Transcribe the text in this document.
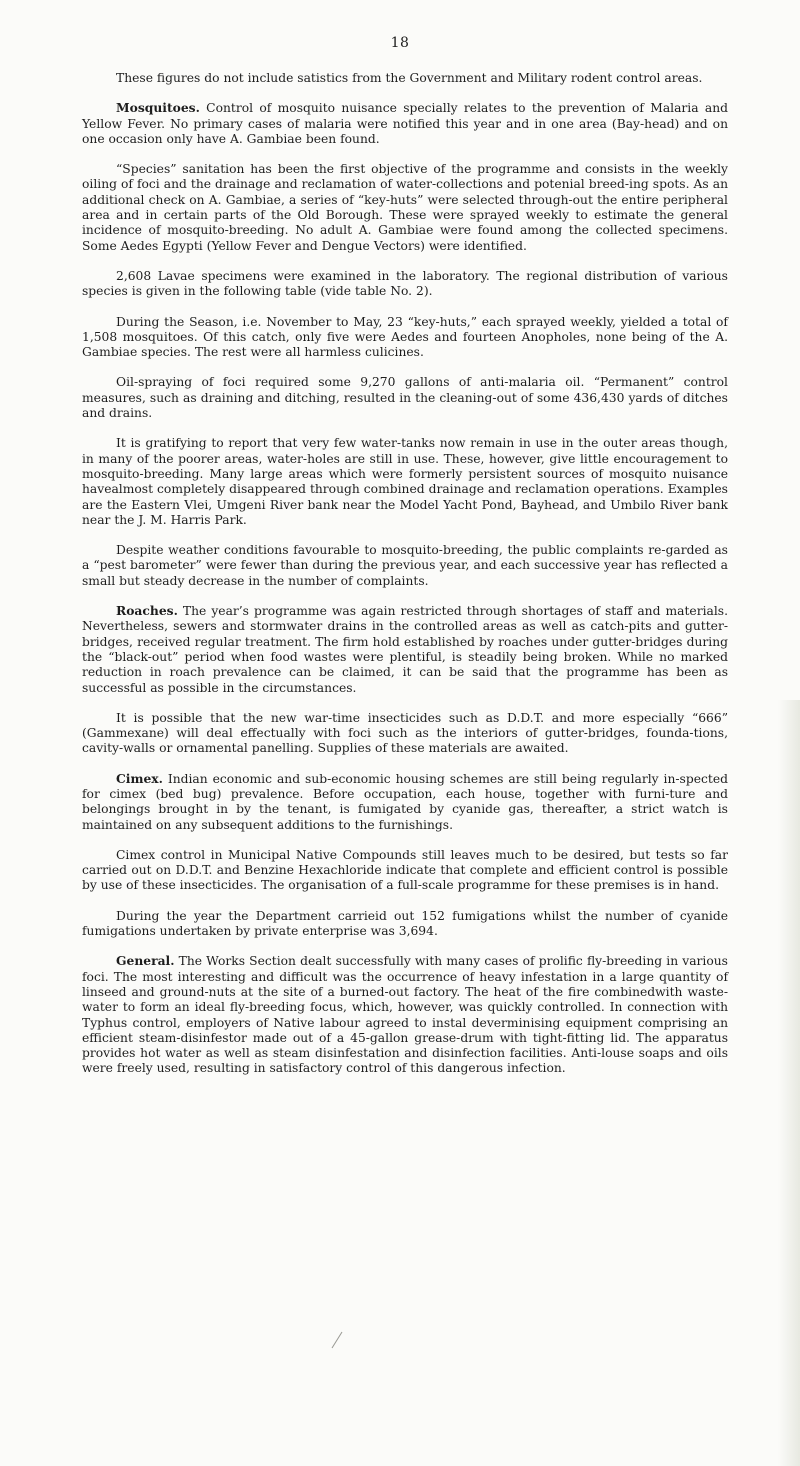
18

These figures do not include satistics from the Government and Military rodent control areas.

Mosquitoes. Control of mosquito nuisance specially relates to the prevention of Malaria and Yellow Fever. No primary cases of malaria were notified this year and in one area (Bay-head) and on one occasion only have A. Gambiae been found.

“Species” sanitation has been the first objective of the programme and consists in the weekly oiling of foci and the drainage and reclamation of water-collections and potenial breed-ing spots. As an additional check on A. Gambiae, a series of “key-huts” were selected through-out the entire peripheral area and in certain parts of the Old Borough. These were sprayed weekly to estimate the general incidence of mosquito-breeding. No adult A. Gambiae were found among the collected specimens. Some Aedes Egypti (Yellow Fever and Dengue Vectors) were identified.

2,608 Lavae specimens were examined in the laboratory. The regional distribution of various species is given in the following table (vide table No. 2).

During the Season, i.e. November to May, 23 “key-huts,” each sprayed weekly, yielded a total of 1,508 mosquitoes. Of this catch, only five were Aedes and fourteen Anopholes, none being of the A. Gambiae species. The rest were all harmless culicines.

Oil-spraying of foci required some 9,270 gallons of anti-malaria oil. “Permanent” control measures, such as draining and ditching, resulted in the cleaning-out of some 436,430 yards of ditches and drains.

It is gratifying to report that very few water-tanks now remain in use in the outer areas though, in many of the poorer areas, water-holes are still in use. These, however, give little encouragement to mosquito-breeding. Many large areas which were formerly persistent sources of mosquito nuisance havealmost completely disappeared through combined drainage and reclamation operations. Examples are the Eastern Vlei, Umgeni River bank near the Model Yacht Pond, Bayhead, and Umbilo River bank near the J. M. Harris Park.

Despite weather conditions favourable to mosquito-breeding, the public complaints re-garded as a “pest barometer” were fewer than during the previous year, and each successive year has reflected a small but steady decrease in the number of complaints.

Roaches. The year’s programme was again restricted through shortages of staff and materials. Nevertheless, sewers and stormwater drains in the controlled areas as well as catch-pits and gutter-bridges, received regular treatment. The firm hold established by roaches under gutter-bridges during the “black-out” period when food wastes were plentiful, is steadily being broken. While no marked reduction in roach prevalence can be claimed, it can be said that the programme has been as successful as possible in the circumstances.

It is possible that the new war-time insecticides such as D.D.T. and more especially “666” (Gammexane) will deal effectually with foci such as the interiors of gutter-bridges, founda-tions, cavity-walls or ornamental panelling. Supplies of these materials are awaited.

Cimex. Indian economic and sub-economic housing schemes are still being regularly in-spected for cimex (bed bug) prevalence. Before occupation, each house, together with furni-ture and belongings brought in by the tenant, is fumigated by cyanide gas, thereafter, a strict watch is maintained on any subsequent additions to the furnishings.

Cimex control in Municipal Native Compounds still leaves much to be desired, but tests so far carried out on D.D.T. and Benzine Hexachloride indicate that complete and efficient control is possible by use of these insecticides. The organisation of a full-scale programme for these premises is in hand.

During the year the Department carrieid out 152 fumigations whilst the number of cyanide fumigations undertaken by private enterprise was 3,694.

General. The Works Section dealt successfully with many cases of prolific fly-breeding in various foci. The most interesting and difficult was the occurrence of heavy infestation in a large quantity of linseed and ground-nuts at the site of a burned-out factory. The heat of the fire combinedwith waste-water to form an ideal fly-breeding focus, which, however, was quickly controlled. In connection with Typhus control, employers of Native labour agreed to instal deverminising equipment comprising an efficient steam-disinfestor made out of a 45-gallon grease-drum with tight-fitting lid. The apparatus provides hot water as well as steam disinfestation and disinfection facilities. Anti-louse soaps and oils were freely used, resulting in satisfactory control of this dangerous infection.
